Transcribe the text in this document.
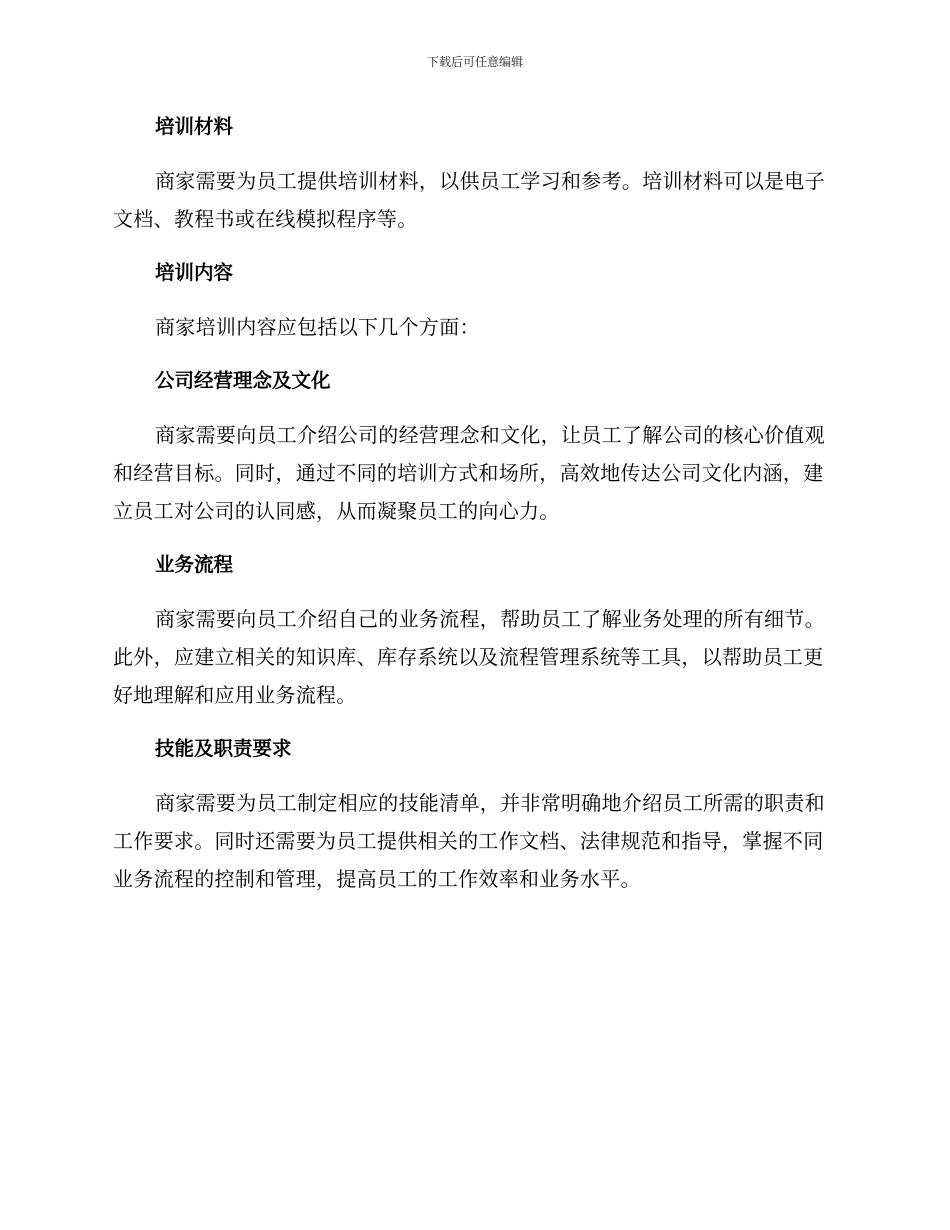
下载后可任意编辑
培训材料

商家需要为员工提供培训材料，以供员工学习和参考。培训材料可以是电子文档、教程书或在线模拟程序等。

培训内容

商家培训内容应包括以下几个方面：

公司经营理念及文化

商家需要向员工介绍公司的经营理念和文化，让员工了解公司的核心价值观和经营目标。同时，通过不同的培训方式和场所，高效地传达公司文化内涵，建立员工对公司的认同感，从而凝聚员工的向心力。

业务流程

商家需要向员工介绍自己的业务流程，帮助员工了解业务处理的所有细节。此外，应建立相关的知识库、库存系统以及流程管理系统等工具，以帮助员工更好地理解和应用业务流程。

技能及职责要求

商家需要为员工制定相应的技能清单，并非常明确地介绍员工所需的职责和工作要求。同时还需要为员工提供相关的工作文档、法律规范和指导，掌握不同业务流程的控制和管理，提高员工的工作效率和业务水平。
